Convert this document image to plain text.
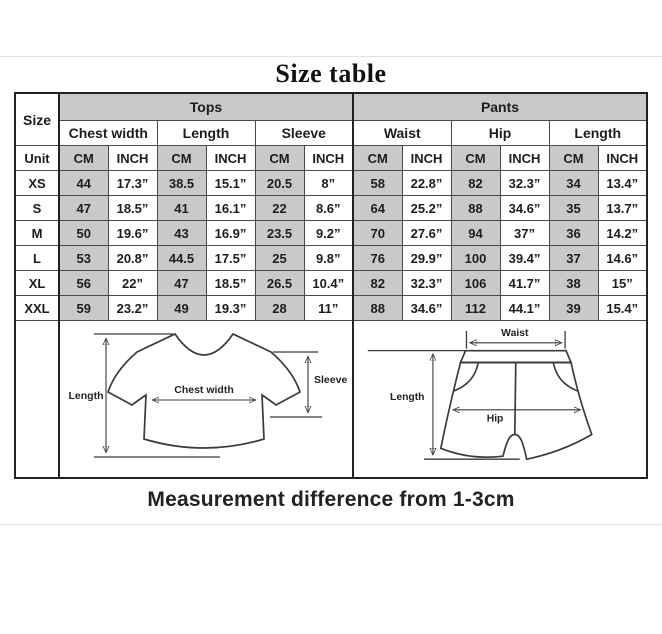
Size table
Size	Tops						Pants					
	Chest width		Length		Sleeve		Waist		Hip		Length	
Unit	CM	INCH	CM	INCH	CM	INCH	CM	INCH	CM	INCH	CM	INCH
XS	44	17.3”	38.5	15.1”	20.5	8”	58	22.8”	82	32.3”	34	13.4”
S	47	18.5”	41	16.1”	22	8.6”	64	25.2”	88	34.6”	35	13.7”
M	50	19.6”	43	16.9”	23.5	9.2”	70	27.6”	94	37”	36	14.2”
L	53	20.8”	44.5	17.5”	25	9.8”	76	29.9”	100	39.4”	37	14.6”
XL	56	22”	47	18.5”	26.5	10.4”	82	32.3”	106	41.7”	38	15”
XXL	59	23.2”	49	19.3”	28	11”	88	34.6”	112	44.1”	39	15.4”

Length Chest width
Sleeve						Waist
Hip
Length					
Measurement difference from 1-3cm
